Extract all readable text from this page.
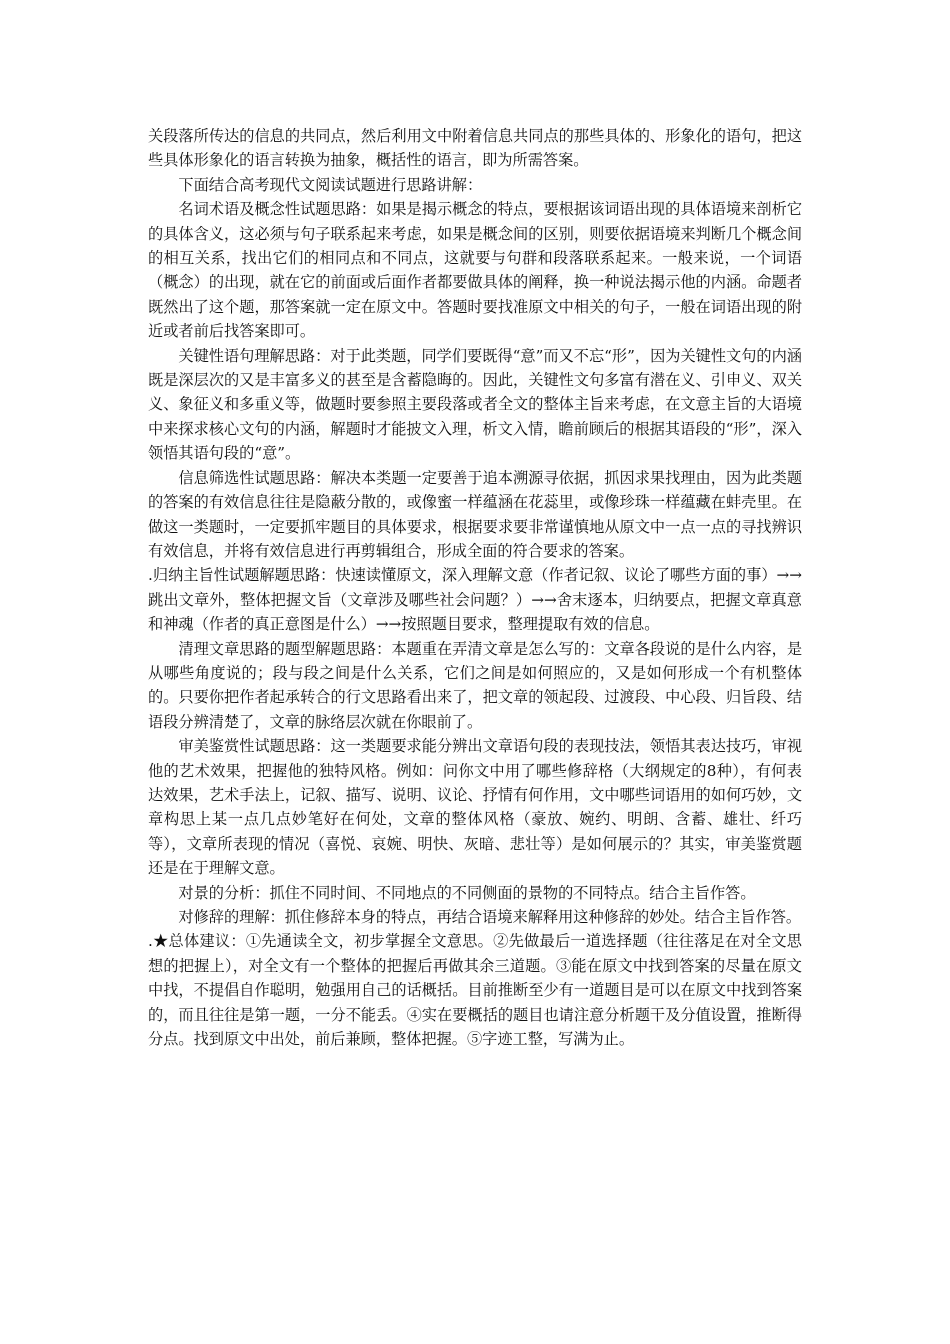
关段落所传达的信息的共同点，然后利用文中附着信息共同点的那些具体的、形象化的语句，把这些具体形象化的语言转换为抽象，概括性的语言，即为所需答案。

下面结合高考现代文阅读试题进行思路讲解：

名词术语及概念性试题思路：如果是揭示概念的特点，要根据该词语出现的具体语境来剖析它的具体含义，这必须与句子联系起来考虑，如果是概念间的区别，则要依据语境来判断几个概念间的相互关系，找出它们的相同点和不同点，这就要与句群和段落联系起来。一般来说，一个词语（概念）的出现，就在它的前面或后面作者都要做具体的阐释，换一种说法揭示他的内涵。命题者既然出了这个题，那答案就一定在原文中。答题时要找准原文中相关的句子，一般在词语出现的附近或者前后找答案即可。

关键性语句理解思路：对于此类题，同学们要既得“意”而又不忘“形”，因为关键性文句的内涵既是深层次的又是丰富多义的甚至是含蓄隐晦的。因此，关键性文句多富有潜在义、引申义、双关义、象征义和多重义等，做题时要参照主要段落或者全文的整体主旨来考虑，在文意主旨的大语境中来探求核心文句的内涵，解题时才能披文入理，析文入情，瞻前顾后的根据其语段的“形”，深入领悟其语句段的“意”。

信息筛选性试题思路：解决本类题一定要善于追本溯源寻依据，抓因求果找理由，因为此类题的答案的有效信息往往是隐蔽分散的，或像蜜一样蕴涵在花蕊里，或像珍珠一样蕴藏在蚌壳里。在做这一类题时，一定要抓牢题目的具体要求，根据要求要非常谨慎地从原文中一点一点的寻找辨识有效信息，并将有效信息进行再剪辑组合，形成全面的符合要求的答案。

.归纳主旨性试题解题思路：快速读懂原文，深入理解文意（作者记叙、议论了哪些方面的事）→→跳出文章外，整体把握文旨（文章涉及哪些社会问题？）→→舍末逐本，归纳要点，把握文章真意和神魂（作者的真正意图是什么）→→按照题目要求，整理提取有效的信息。

清理文章思路的题型解题思路：本题重在弄清文章是怎么写的：文章各段说的是什么内容，是从哪些角度说的；段与段之间是什么关系，它们之间是如何照应的，又是如何形成一个有机整体的。只要你把作者起承转合的行文思路看出来了，把文章的领起段、过渡段、中心段、归旨段、结语段分辨清楚了，文章的脉络层次就在你眼前了。

审美鉴赏性试题思路：这一类题要求能分辨出文章语句段的表现技法，领悟其表达技巧，审视他的艺术效果，把握他的独特风格。例如：问你文中用了哪些修辞格（大纲规定的8种），有何表达效果，艺术手法上，记叙、描写、说明、议论、抒情有何作用，文中哪些词语用的如何巧妙，文章构思上某一点几点妙笔好在何处，文章的整体风格（豪放、婉约、明朗、含蓄、雄壮、纤巧等），文章所表现的情况（喜悦、哀婉、明快、灰暗、悲壮等）是如何展示的？其实，审美鉴赏题还是在于理解文意。

对景的分析：抓住不同时间、不同地点的不同侧面的景物的不同特点。结合主旨作答。

对修辞的理解：抓住修辞本身的特点，再结合语境来解释用这种修辞的妙处。结合主旨作答。

.★总体建议：①先通读全文，初步掌握全文意思。②先做最后一道选择题（往往落足在对全文思想的把握上），对全文有一个整体的把握后再做其余三道题。③能在原文中找到答案的尽量在原文中找，不提倡自作聪明，勉强用自己的话概括。目前推断至少有一道题目是可以在原文中找到答案的，而且往往是第一题，一分不能丢。④实在要概括的题目也请注意分析题干及分值设置，推断得分点。找到原文中出处，前后兼顾，整体把握。⑤字迹工整，写满为止。
